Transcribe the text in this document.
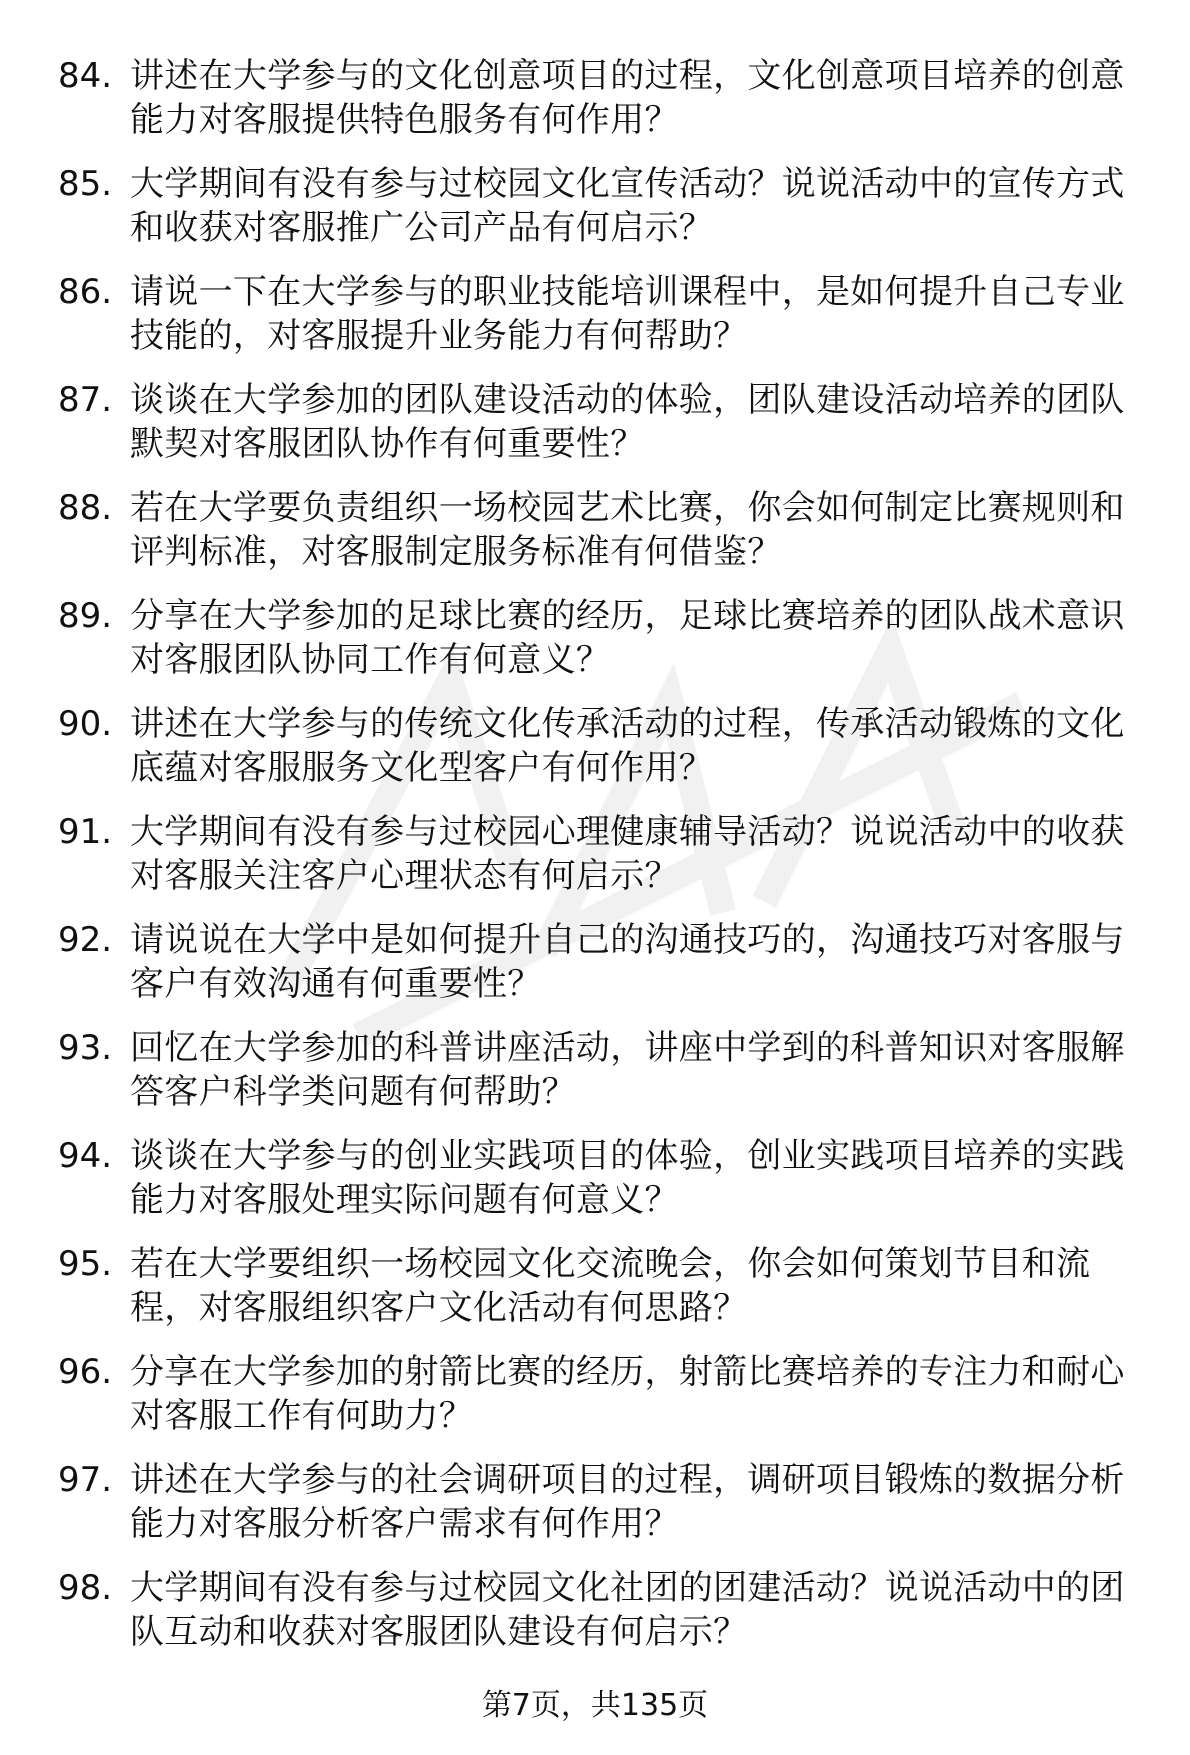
84. 讲述在大学参与的文化创意项目的过程，文化创意项目培养的创意能力对客服提供特色服务有何作用？
85. 大学期间有没有参与过校园文化宣传活动？说说活动中的宣传方式和收获对客服推广公司产品有何启示？
86. 请说一下在大学参与的职业技能培训课程中，是如何提升自己专业技能的，对客服提升业务能力有何帮助？
87. 谈谈在大学参加的团队建设活动的体验，团队建设活动培养的团队默契对客服团队协作有何重要性？
88. 若在大学要负责组织一场校园艺术比赛，你会如何制定比赛规则和评判标准，对客服制定服务标准有何借鉴？
89. 分享在大学参加的足球比赛的经历，足球比赛培养的团队战术意识对客服团队协同工作有何意义？
90. 讲述在大学参与的传统文化传承活动的过程，传承活动锻炼的文化底蕴对客服服务文化型客户有何作用？
91. 大学期间有没有参与过校园心理健康辅导活动？说说活动中的收获对客服关注客户心理状态有何启示？
92. 请说说在大学中是如何提升自己的沟通技巧的，沟通技巧对客服与客户有效沟通有何重要性？
93. 回忆在大学参加的科普讲座活动，讲座中学到的科普知识对客服解答客户科学类问题有何帮助？
94. 谈谈在大学参与的创业实践项目的体验，创业实践项目培养的实践能力对客服处理实际问题有何意义？
95. 若在大学要组织一场校园文化交流晚会，你会如何策划节目和流程，对客服组织客户文化活动有何思路？
96. 分享在大学参加的射箭比赛的经历，射箭比赛培养的专注力和耐心对客服工作有何助力？
97. 讲述在大学参与的社会调研项目的过程，调研项目锻炼的数据分析能力对客服分析客户需求有何作用？
98. 大学期间有没有参与过校园文化社团的团建活动？说说活动中的团队互动和收获对客服团队建设有何启示？
第7页，共135页
